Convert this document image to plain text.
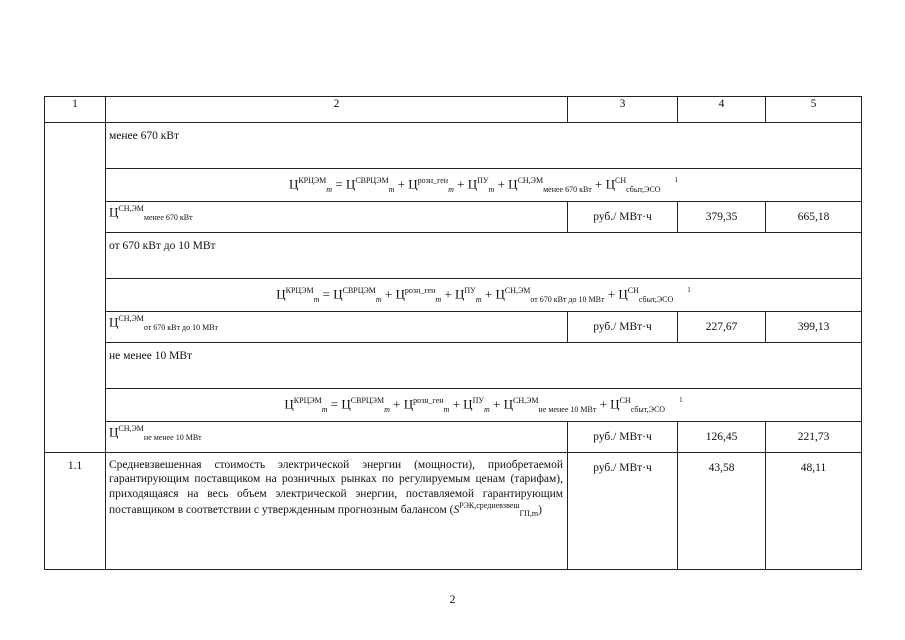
1	2	3	4	5
	менее 670 кВт			
	$Ц^{КРЦЭМ}_m = Ц^{СВРЦЭМ}_m + Ц^{розн\_ген}_m + Ц^{ПУ}_m + Ц^{СН,ЭМ}_{менее 670 кВт} + Ц^{СН}_{сбыт,ЭСО}^1$
	$Ц^{СН,ЭМ}_{менее 670 кВт}$	руб./ МВт·ч	379,35	665,18
	от 670 кВт до 10 МВт			
	$Ц^{КРЦЭМ}_m = Ц^{СВРЦЭМ}_m + Ц^{розн\_ген}_m + Ц^{ПУ}_m + Ц^{СН,ЭМ}_{от 670 кВт до 10 МВт} + Ц^{СН}_{сбыт,ЭСО}^1$
	$Ц^{СН,ЭМ}_{от 670 кВт до 10 МВт}$	руб./ МВт·ч	227,67	399,13
	не менее 10 МВт			
	$Ц^{КРЦЭМ}_m = Ц^{СВРЦЭМ}_m + Ц^{розн\_ген}_m + Ц^{ПУ}_m + Ц^{СН,ЭМ}_{не менее 10 МВт} + Ц^{СН}_{сбыт,ЭСО}^1$
	$Ц^{СН,ЭМ}_{не менее 10 МВт}$	руб./ МВт·ч	126,45	221,73
1.1	Средневзвешенная стоимость электрической энергии (мощности), приобретаемой гарантирующим поставщиком на розничных рынках по регулируемым ценам (тарифам), приходящаяся на весь объем электрической энергии, поставляемой гарантирующим поставщиком в соответствии с утвержденным прогнозным балансом $(S^{РЭК,средневзвеш}_{ГП,m})$	руб./ МВт·ч	43,58	48,11
2
